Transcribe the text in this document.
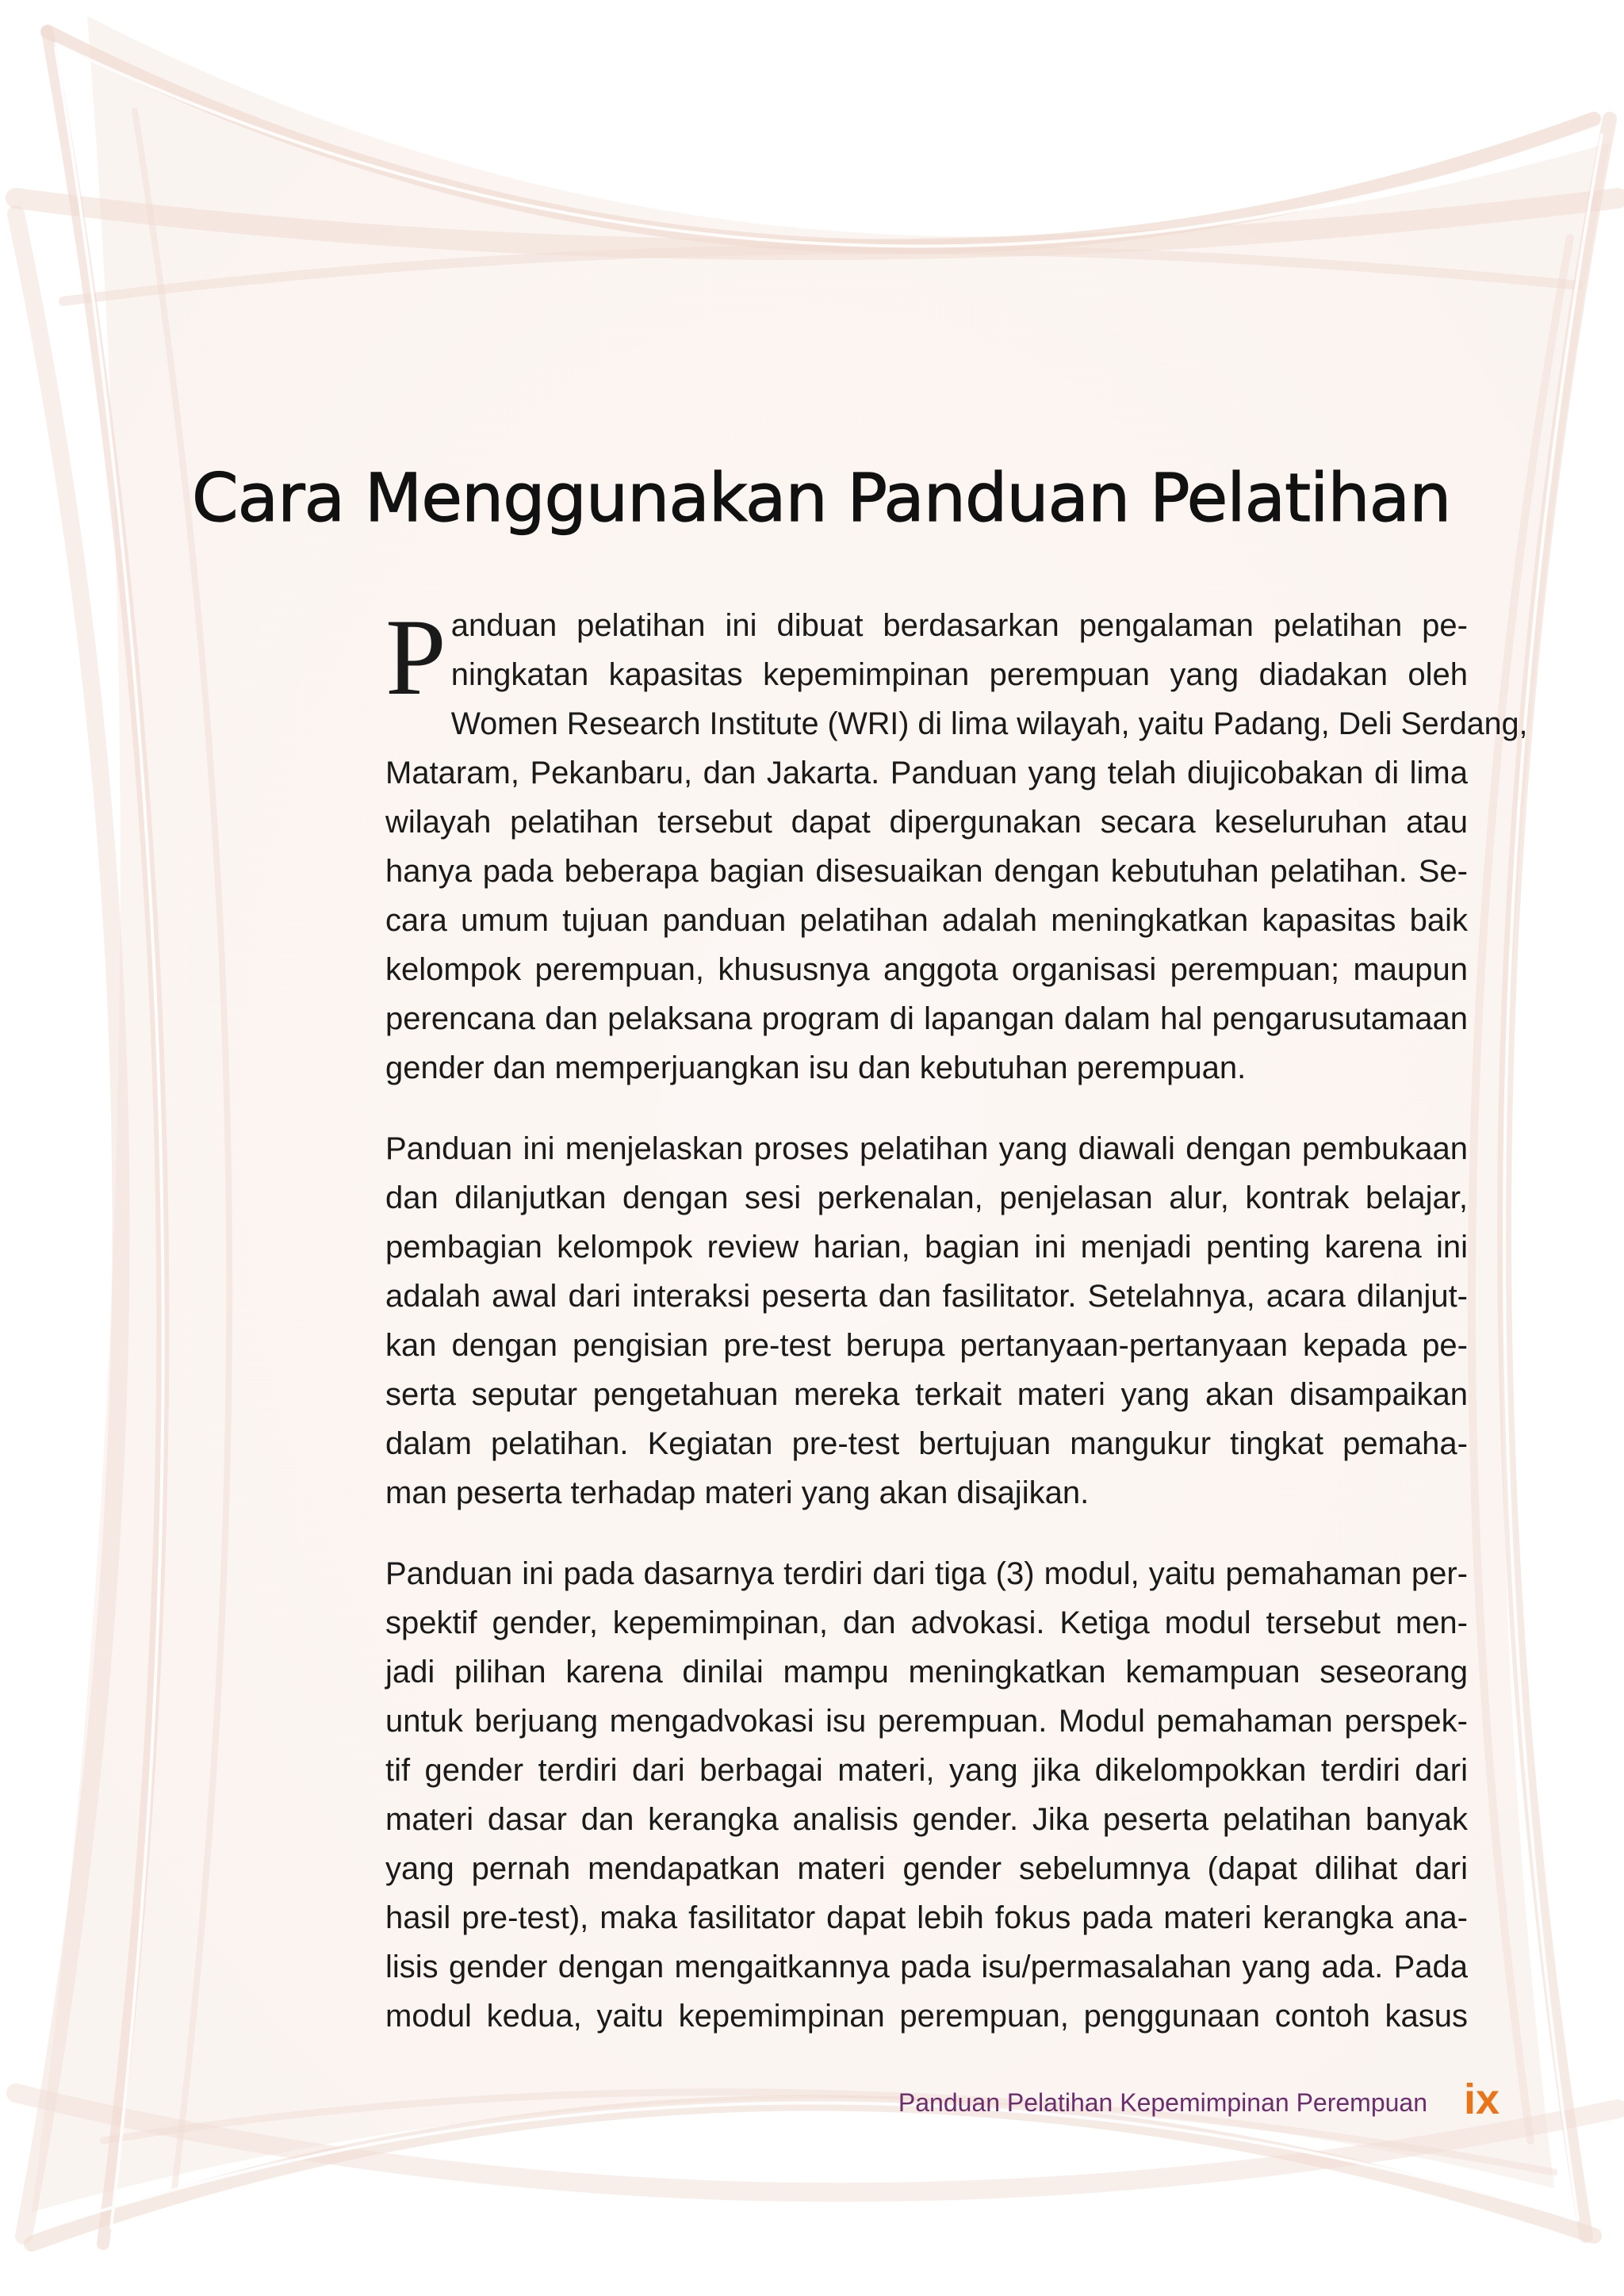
Cara Menggunakan Panduan Pelatihan
P anduan pelatihan ini dibuat berdasarkan pengalaman pelatihan pe-
ningkatan kapasitas kepemimpinan perempuan yang diadakan oleh
Women Research Institute (WRI) di lima wilayah, yaitu Padang, Deli Serdang,
Mataram, Pekanbaru, dan Jakarta. Panduan yang telah diujicobakan di lima
wilayah pelatihan tersebut dapat dipergunakan secara keseluruhan atau
hanya pada beberapa bagian disesuaikan dengan kebutuhan pelatihan. Se-
cara umum tujuan panduan pelatihan adalah meningkatkan kapasitas baik
kelompok perempuan, khususnya anggota organisasi perempuan; maupun
perencana dan pelaksana program di lapangan dalam hal pengarusutamaan
gender dan memperjuangkan isu dan kebutuhan perempuan.
Panduan ini menjelaskan proses pelatihan yang diawali dengan pembukaan
dan dilanjutkan dengan sesi perkenalan, penjelasan alur, kontrak belajar,
pembagian kelompok review harian, bagian ini menjadi penting karena ini
adalah awal dari interaksi peserta dan fasilitator. Setelahnya, acara dilanjut-
kan dengan pengisian pre-test berupa pertanyaan-pertanyaan kepada pe-
serta seputar pengetahuan mereka terkait materi yang akan disampaikan
dalam pelatihan. Kegiatan pre-test bertujuan mangukur tingkat pemaha-
man peserta terhadap materi yang akan disajikan.
Panduan ini pada dasarnya terdiri dari tiga (3) modul, yaitu pemahaman per-
spektif gender, kepemimpinan, dan advokasi. Ketiga modul tersebut men-
jadi pilihan karena dinilai mampu meningkatkan kemampuan seseorang
untuk berjuang mengadvokasi isu perempuan. Modul pemahaman perspek-
tif gender terdiri dari berbagai materi, yang jika dikelompokkan terdiri dari
materi dasar dan kerangka analisis gender. Jika peserta pelatihan banyak
yang pernah mendapatkan materi gender sebelumnya (dapat dilihat dari
hasil pre-test), maka fasilitator dapat lebih fokus pada materi kerangka ana-
lisis gender dengan mengaitkannya pada isu/permasalahan yang ada. Pada
modul kedua, yaitu kepemimpinan perempuan, penggunaan contoh kasus
Panduan Pelatihan Kepemimpinan Perempuan ix
